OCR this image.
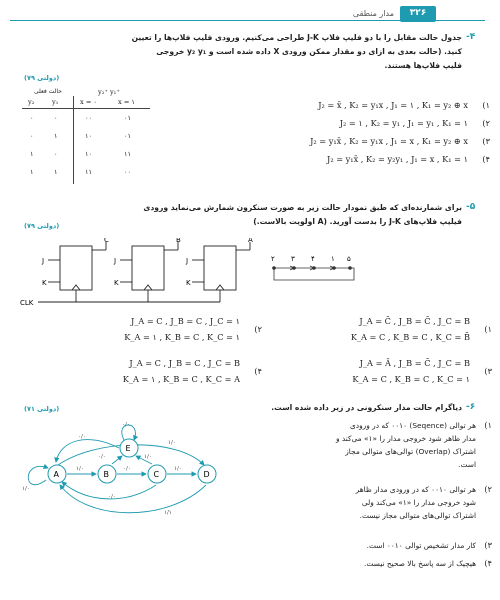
۳۲۶
مدار منطقی
-۴
جدول حالت مقابل را با دو فلیپ فلاپ J-K طراحی می‌کنیم. ورودی فلیپ فلاپ‌ها را تعیین
کنید. (حالت بعدی به ازای دو مقدار ممکن ورودی X داده شده است و y₂ y₁ خروجی
فلیپ فلاپ‌ها هستند.
(دولتی ۷۹)
حالت فعلی	y₂⁺ y₁⁺
y₂	y₁	x = ۰	x = ۱
۰	۰	۰۰	۰۱
۰	۱	۱۰	۰۱
۱	۰	۱۰	۱۱
۱	۱	۱۱	۰۰
(۱
J₂ = x̄ , K₂ = y₁x , J₁ = ۱ , K₁ = y₂ ⊕ x
(۲
J₂ = ۱ , K₂ = y₁ , J₁ = y₁ , K₁ = ۱
(۳
J₂ = y₁x̄ , K₂ = y₁x , J₁ = x , K₁ = y₂ ⊕ x
(۴
J₂ = y₁x̄ , K₂ = y₂y₁ , J₁ = x , K₁ = ۱
-۵
برای شمارنده‌ای که طبق نمودار حالت زیر به صورت سنکرون شمارش می‌نماید ورودی
فیلیپ فلاپ‌های J-K را بدست آورید. (A اولویت بالاست.)
(دولتی ۷۹)
J
K
J
K
J
K
C	B	A
CLK
۲ ۳ ۴ ۱ ۵
(۱
J_A = C̄ , J_B = C̄ , J_C = B
K_A = C , K_B = C , K_C = B̄
(۲
J_A = C , J_B = C , J_C = ۱
K_A = ۱ , K_B = C , K_C = ۱
(۳
J_A = Ā , J_B = C̄ , J_C = B
K_A = C , K_B = C , K_C = ۱
(۴
J_A = C , J_B = C , J_C = B
K_A = ۱ , K_B = C , K_C = A
-۶
دیاگرام حالت مدار سنکرونی در زیر داده شده است.
(دولتی ۷۱)
A	B	C	D
E
۱/۰	۰/۰	۱/۰
۰/۰	۱/۰
۰/۰
۱/۱
۰/۰
۱/۰
۰/۰
۱/۰
(۱
هر توالی (Seqence) ۰۰۱۰ که در ورودی
مدار ظاهر شود خروجی مدار را «۱» می‌کند و
اشتراک (Overlap) توالی‌های متوالی مجاز
است.
(۲
هر توالی ۰۰۱۰ که در ورودی مدار ظاهر
شود خروجی مدار را «۱» می‌کند ولی
اشتراک توالی‌های متوالی مجاز نیست.
(۳
کار مدار تشخیص توالی ۰۰۱۰ است.
(۴
هیچیک از سه پاسخ بالا صحیح نیست.
